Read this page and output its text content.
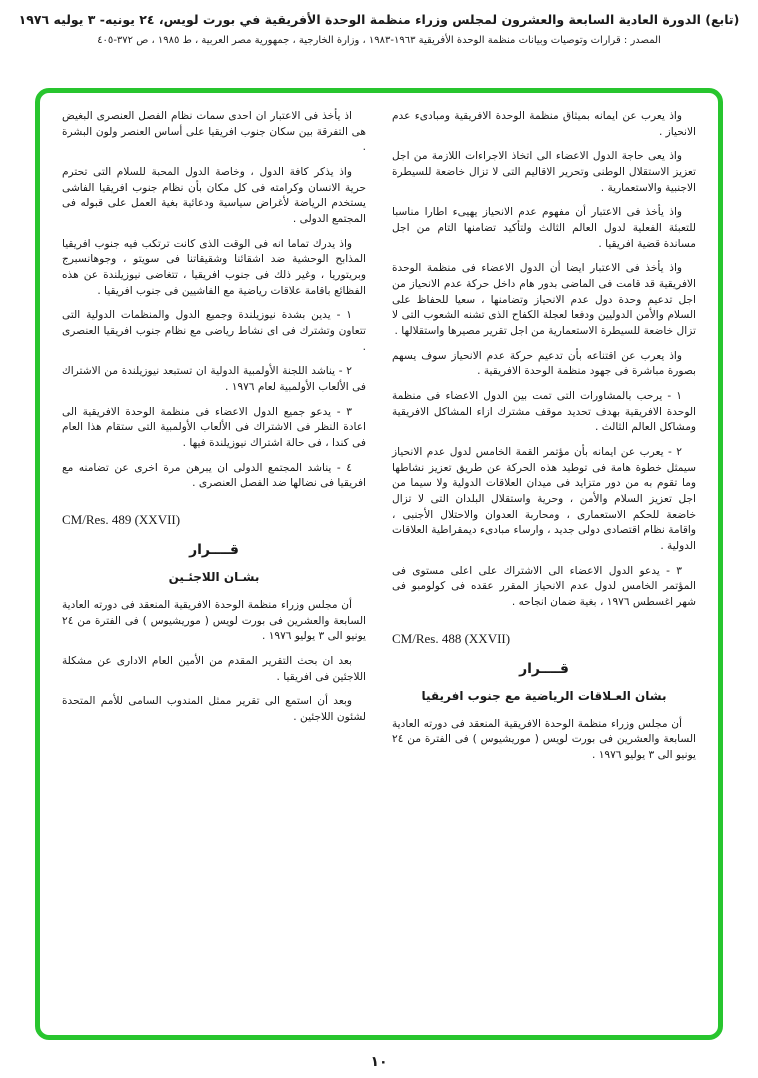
(تابع) الدورة العادية السابعة والعشرون لمجلس وزراء منظمة الوحدة الأفريقية في بورت لويس، ٢٤ يونيه- ٣ يوليه ١٩٧٦
المصدر : قرارات وتوصيات وبيانات منظمة الوحدة الأفريقية ١٩٦٣-١٩٨٣ ، وزارة الخارجية ، جمهورية مصر العربية ، ط ١٩٨٥ ، ص ٣٧٢-٤٠٥
واذ يعرب عن ايمانه بميثاق منظمة الوحدة الافريقية ومبادىء عدم الانحياز .
واذ يعى حاجة الدول الاعضاء الى اتخاذ الاجراءات اللازمة من اجل تعزيز الاستقلال الوطنى وتحرير الاقاليم التى لا تزال خاضعة للسيطرة الاجنبية والاستعمارية .
واذ يأخذ فى الاعتبار أن مفهوم عدم الانحياز يهيىء اطارا مناسبا للتعبئة الفعلية لدول العالم الثالث ولتأكيد تضامنها التام من اجل مساندة قضية افريقيا .
واذ يأخذ فى الاعتبار ايضا أن الدول الاعضاء فى منظمة الوحدة الافريقية قد قامت فى الماضى بدور هام داخل حركة عدم الانحياز من اجل تدعيم وحدة دول عدم الانحياز وتضامنها ، سعيا للحفاظ على السلام والأمن الدوليين ودفعا لعجلة الكفاح الذى تشنه الشعوب التى لا تزال خاضعة للسيطرة الاستعمارية من اجل تقرير مصيرها واستقلالها .
واذ يعرب عن اقتناعه بأن تدعيم حركة عدم الانحياز سوف يسهم بصورة مباشرة فى جهود منظمة الوحدة الافريقية .
١ - يرحب بالمشاورات التى تمت بين الدول الاعضاء فى منظمة الوحدة الافريقية بهدف تحديد موقف مشترك ازاء المشاكل الافريقية ومشاكل العالم الثالث .
٢ - يعرب عن ايمانه بأن مؤتمر القمة الخامس لدول عدم الانحياز سيمثل خطوة هامة فى توطيد هذه الحركة عن طريق تعزيز نشاطها وما تقوم به من دور متزايد فى ميدان العلاقات الدولية ولا سيما من اجل تعزيز السلام والأمن ، وحرية واستقلال البلدان التى لا تزال خاضعة للحكم الاستعمارى ، ومحاربة العدوان والاحتلال الأجنبى ، واقامة نظام اقتصادى دولى جديد ، وارساء مبادىء ديمقراطية العلاقات الدولية .
٣ - يدعو الدول الاعضاء الى الاشتراك على اعلى مستوى فى المؤتمر الخامس لدول عدم الانحياز المقرر عقده فى كولومبو فى شهر اغسطس ١٩٧٦ ، بغية ضمان انجاحه .
CM/Res. 488 (XXVII)
قــــرار
بشان العـلاقات الرياضية مع جنوب افريقيا
أن مجلس وزراء منظمة الوحدة الافريقية المنعقد فى دورته العادية السابعة والعشرين فى بورت لويس ( موريشيوس ) فى الفترة من ٢٤ يونيو الى ٣ يوليو ١٩٧٦ .
اذ يأخذ فى الاعتبار ان احدى سمات نظام الفصل العنصرى البغيض هى التفرقة بين سكان جنوب افريقيا على أساس العنصر ولون البشرة .
واذ يذكر كافة الدول ، وخاصة الدول المحبة للسلام التى تحترم حرية الانسان وكرامته فى كل مكان بأن نظام جنوب افريقيا الفاشى يستخدم الرياضة لأغراض سياسية ودعائية بغية العمل على قبوله فى المجتمع الدولى .
واذ يدرك تماما انه فى الوقت الذى كانت ترتكب فيه جنوب افريقيا المذابح الوحشية ضد اشقائنا وشقيقاتنا فى سويتو ، وجوهانسبرج وبريتوريا ، وغير ذلك فى جنوب افريقيا ، تتغاضى نيوزيلندة عن هذه الفظائع باقامة علاقات رياضية مع الفاشيين فى جنوب افريقيا .
١ - يدين بشدة نيوزيلندة وجميع الدول والمنظمات الدولية التى تتعاون وتشترك فى اى نشاط رياضى مع نظام جنوب افريقيا العنصرى .
٢ - يناشد اللجنة الأولمبية الدولية ان تستبعد نيوزيلندة من الاشتراك فى الألعاب الأولمبية لعام ١٩٧٦ .
٣ - يدعو جميع الدول الاعضاء فى منظمة الوحدة الافريقية الى اعادة النظر فى الاشتراك فى الألعاب الأولمبية التى ستقام هذا العام فى كندا ، فى حالة اشتراك نيوزيلندة فيها .
٤ - يناشد المجتمع الدولى ان يبرهن مرة اخرى عن تضامنه مع افريقيا فى نضالها ضد الفصل العنصرى .
CM/Res. 489 (XXVII)
قــــرار
بشـان اللاجئـين
أن مجلس وزراء منظمة الوحدة الافريقية المنعقد فى دورته العادية السابعة والعشرين فى بورت لويس ( موريشيوس ) فى الفترة من ٢٤ يونيو الى ٣ يوليو ١٩٧٦ .
بعد ان بحث التقرير المقدم من الأمين العام الادارى عن مشكلة اللاجئين فى افريقيا .
وبعد أن استمع الى تقرير ممثل المندوب السامى للأمم المتحدة لشئون اللاجئين .
١٠
